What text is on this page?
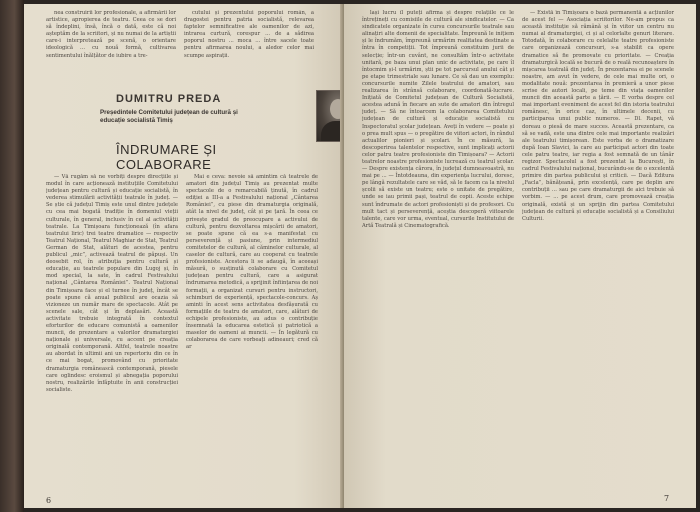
nea construirii lor profesionale, a afirmării lor artistice, apropierea de teatru. Ceea ce se dori să îndeplini, însă, încă o dată, este că noi așteptăm de la scriitori, și nu numai de la artiștii care-i interpretează pe scenă, o orientare ideologică ... cu nouă formă, cultivarea sentimentului înălțător de iubire a tre-

cutului și prezentului poporului român, a dragostei pentru patria socialistă, relevarea faptelor semnificative ale oamenilor de azi, intrarea curtură, corespur ... de a sădirea poporul nostru ... moca ... între sacele toate pentru afirmarea noului, a aledor celor mai scumpe aspirații.

DUMITRU PREDA
Președintele Comitetului județean de cultură și educație socialistă Timiș
ÎNDRUMARE ȘI COLABORARE

— Vă rugăm să ne vorbiți despre direcțiile și modul în care acționează instituțiile Comitetului județean pentru cultură și educație socialistă, în vederea stimulării activității teatrale în județ. — Se știe că județul Timiș este unul dintre județele cu cea mai bogată tradiție în domeniul vieții culturale, în general, inclusiv în cel al activității teatrale. La Timișoara funcționează (în afara teatrului liric) trei teatre dramatice — respectiv Teatrul Național, Teatrul Maghiar de Stat, Teatrul German de Stat, alături de acestea, pentru publicul „mic”, activează teatrul de păpuși. Un deosebit rol, în atribuția pentru cultură și educație, au teatrele populare din Lugoj și, în mod special, la sate, în cadrul Festivalului național „Cântarea României”. Teatrul Național din Timișoara face și el turnee în județ, încât se poate spune că anual publicul are ocazia să vizioneze un număr mare de spectacole. Atât pe scenele sale, cât și în deplasări. Această activitate trebuie integrată în contextul eforturilor de educare comunistă a oamenilor muncii, de prezentare a valorilor dramaturgiei naționale și universale, cu accent pe creația originală contemporană. Altfel, teatrele noastre au abordat în ultimii ani un repertoriu din ce în ce mai bogat, promovând cu prioritate dramaturgia românească contemporană, piesele care oglindesc eroismul și abnegația poporului nostru, realizările înfăptuite în anii construcției socialiste.

Mai e ceva: nevoie să amintim că teatrele de amatori din județul Timiș au prezentat multe spectacole de o remarcabilă ținută, în cadrul ediției a III-a a Festivalului național „Cântarea României”, cu piese din dramaturgia originală, atât la nivel de județ, cât și pe țară. În ceea ce privește gradul de preocupare a activului de cultură, pentru dezvoltarea mișcării de amatori, se poate spune că ea s-a manifestat cu perseverență și pasiune, prin intermediul comitetelor de cultură, al căminelor culturale, al caselor de cultură, care au cooperat cu teatrele profesioniste. Acestora li se adaugă, în aceeași măsură, o susținută colaborare cu Comitetul județean pentru cultură, care a asigurat îndrumarea metodică, a sprijinit înființarea de noi formații, a organizat cursuri pentru instructori, schimburi de experiență, spectacole-concurs. Aș aminti în acest sens activitatea desfășurată cu formațiile de teatru de amatori, care, alături de echipele profesioniste, au adus o contribuție însemnată la educarea estetică și patriotică a maselor de oameni ai muncii. — În legătură cu colaborarea de care vorbeați adineauri; cred că ar

6

lași lucru îl puteți afirma și despre relațiile ce le întrețineți cu comisiile de cultură ale sindicatelor. — Ca sindicatele organizate în cursu concursurile teatrale sau alinațiri alte domenii de specialitate. Împreună le inițiem și le îndrumăm, împreună urmărim realitatea destinate a întra în competiții. Tot împreună constituim jurii de selecție; într-un cuvânt, ne consultăm într-o activitate unitară, pe baza unui plan unic de activitate, pe care îl întocmim și-l urmărim, știi pe tot parcursul anului cât și pe etape trimestriale sau lunare. Ce să dau un exemplu: concursurile numite Zilele teatrului de amatori, sau realizarea în strânsă colaborare, coordonată-lucrare. Inițiată de Comitetul județean de Cultură Socialistă, acestea adună în fiecare an sute de amatori din întregul județ. — Să ne întoarcem la colaborarea Comitetului județean de cultură și educație socialistă cu Inspectoratul școlar județean. Aveți în vedere — poate și o prea mult spus — o pregătire de viitori actori, în rândul actualilor pionieri și școlari. În ce măsură, la descoperirea talentelor respective, sunt implicați actorii celor patru teatre profesioniste din Timișoara? — Actorii teatrelor noastre profesioniste lucrează cu teatrul școlar. — Despre existența cărora, în județul dumneavoastră, nu mai pe ... — Întotdeauna, din experiența lucrului, doresc, pe lângă rezultatele care se văd, să le facem ca la nivelul școlii să existe un teatru; este o unitate de pregătire, unde se iau primii pași, teatrul de copii. Aceste echipe sunt îndrumate de actori profesioniști și de profesori. Cu mult tact și perseverență, aceștia descoperă viitoarele talente, care vor urma, eventual, cursurile Institutului de Artă Teatrală și Cinematografică.

— Există în Timișoara o bază permanentă a acțiunilor de acest fel — Asociația scriitorilor. Ne-am propus ca această instituție să rămână și în viitor un centru nu numai al dramaturgiei, ci și al celorlalte genuri literare. Totodată, în colaborare cu celelalte teatre profesioniste care organizează concursuri, s-a stabilit ca opere dramatice să fie promovate cu prioritate. — Creația dramaturgică locală se bucură de o reală recunoaștere în mișcarea teatrală din județ. În prezentarea ei pe scenele noastre, am avut în vedere, de cele mai multe ori, o modalitate nouă: prezentarea în premieră a unor piese scrise de autori locali, pe teme din viața oamenilor muncii din această parte a țării. — E vorba despre cel mai important eveniment de acest fel din istoria teatrului românesc, în orice caz, în ultimele decenii, cu participarea unui public numeros. — Dl. Rapet, vă doreau o piesă de mare succes. Această prezentare, ca să se vadă, este una dintre cele mai importante realizări ale teatrului timișorean. Este vorba de o dramatizare după Ioan Slavici, la care au participat actori din toate cele patru teatre, iar regia a fost semnată de un tânăr regizor. Spectacolul a fost prezentat la București, în cadrul Festivalului național, bucurându-se de o excelentă primire din partea publicului și criticii. — Dacă Editura „Facla”, bănățeană, prin excelență, care pe deplin are contribuții ... sau pe care dramaturgii de aici trebuie să vorbim. — ... pe acest drum, care promovează creația originală, există și un sprijin din partea Comitetului județean de cultură și educație socialistă și a Consiliului Culturii.

7
